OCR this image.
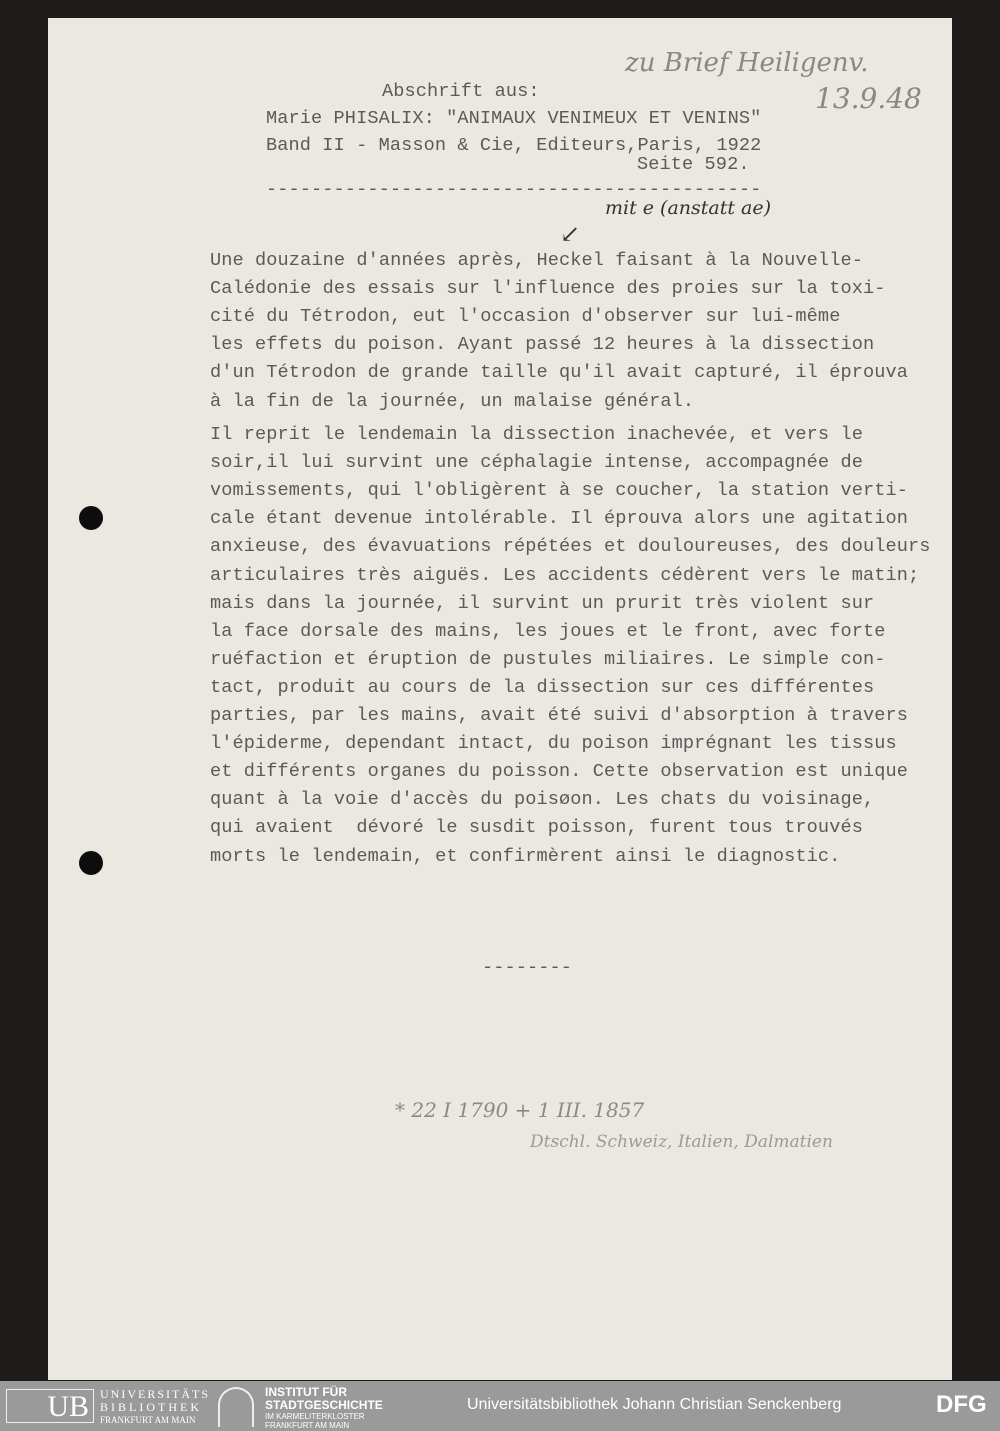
Abschrift aus:
Marie PHISALIX: "ANIMAUX VENIMEUX ET VENINS"
Band II - Masson & Cie, Editeurs,Paris, 1922
Seite 592.
--------------------------------------------
zu Brief Heiligenv.
13.9.48
mit e (anstatt ae)
↙
Une douzaine d'années après, Heckel faisant à la Nouvelle-
Calédonie des essais sur l'influence des proies sur la toxi-
cité du Tétrodon, eut l'occasion d'observer sur lui-même
les effets du poison. Ayant passé 12 heures à la dissection
d'un Tétrodon de grande taille qu'il avait capturé, il éprouva
à la fin de la journée, un malaise général.
Il reprit le lendemain la dissection inachevée, et vers le
soir,il lui survint une céphalagie intense, accompagnée de
vomissements, qui l'obligèrent à se coucher, la station verti-
cale étant devenue intolérable. Il éprouva alors une agitation
anxieuse, des évavuations répétées et douloureuses, des douleurs
articulaires très aiguës. Les accidents cédèrent vers le matin;
mais dans la journée, il survint un prurit très violent sur
la face dorsale des mains, les joues et le front, avec forte
ruéfaction et éruption de pustules miliaires. Le simple con-
tact, produit au cours de la dissection sur ces différentes
parties, par les mains, avait été suivi d'absorption à travers
l'épiderme, dependant intact, du poison imprégnant les tissus
et différents organes du poisson. Cette observation est unique
quant à la voie d'accès du poisøon. Les chats du voisinage,
qui avaient  dévoré le susdit poisson, furent tous trouvés
morts le lendemain, et confirmèrent ainsi le diagnostic.
--------
* 22 I 1790 + 1 III. 1857
Dtschl. Schweiz, Italien, Dalmatien
UB UNIVERSITÄTS
BIBLIOTHEK
FRANKFURT AM MAIN
INSTITUT FÜR
STADTGESCHICHTE
IM KARMELITERKLOSTER
FRANKFURT AM MAIN
Universitätsbibliothek Johann Christian Senckenberg	DFG
